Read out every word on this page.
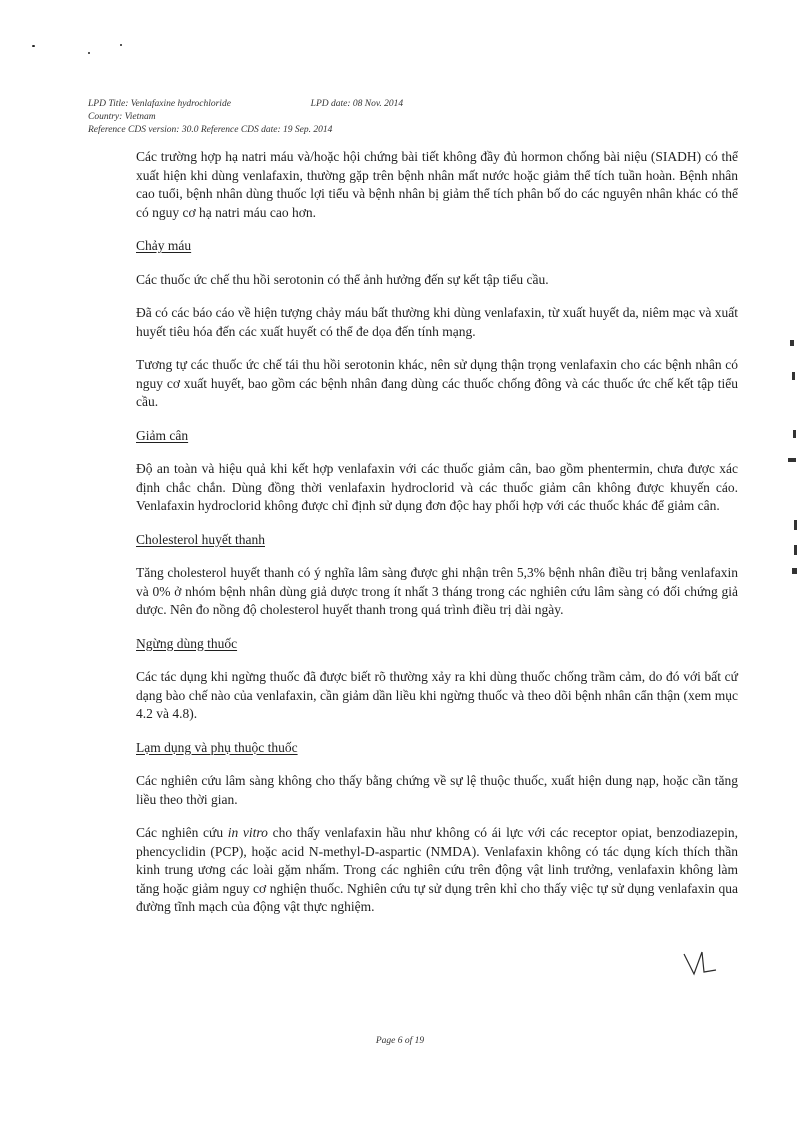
LPD Title: Venlafaxine hydrochloride	LPD date: 08 Nov. 2014
Country: Vietnam
Reference CDS version: 30.0 Reference CDS date: 19 Sep. 2014

Các trường hợp hạ natri máu và/hoặc hội chứng bài tiết không đầy đủ hormon chống bài niệu (SIADH) có thể xuất hiện khi dùng venlafaxin, thường gặp trên bệnh nhân mất nước hoặc giảm thể tích tuần hoàn. Bệnh nhân cao tuổi, bệnh nhân dùng thuốc lợi tiểu và bệnh nhân bị giảm thể tích phân bố do các nguyên nhân khác có thể có nguy cơ hạ natri máu cao hơn.

Chảy máu

Các thuốc ức chế thu hồi serotonin có thể ảnh hưởng đến sự kết tập tiểu cầu.

Đã có các báo cáo về hiện tượng chảy máu bất thường khi dùng venlafaxin, từ xuất huyết da, niêm mạc và xuất huyết tiêu hóa đến các xuất huyết có thể đe dọa đến tính mạng.

Tương tự các thuốc ức chế tái thu hồi serotonin khác, nên sử dụng thận trọng venlafaxin cho các bệnh nhân có nguy cơ xuất huyết, bao gồm các bệnh nhân đang dùng các thuốc chống đông và các thuốc ức chế kết tập tiểu cầu.

Giảm cân

Độ an toàn và hiệu quả khi kết hợp venlafaxin với các thuốc giảm cân, bao gồm phentermin, chưa được xác định chắc chắn. Dùng đồng thời venlafaxin hydroclorid và các thuốc giảm cân không được khuyến cáo. Venlafaxin hydroclorid không được chỉ định sử dụng đơn độc hay phối hợp với các thuốc khác để giảm cân.

Cholesterol huyết thanh

Tăng cholesterol huyết thanh có ý nghĩa lâm sàng được ghi nhận trên 5,3% bệnh nhân điều trị bằng venlafaxin và 0% ở nhóm bệnh nhân dùng giả dược trong ít nhất 3 tháng trong các nghiên cứu lâm sàng có đối chứng giả dược. Nên đo nồng độ cholesterol huyết thanh trong quá trình điều trị dài ngày.

Ngừng dùng thuốc

Các tác dụng khi ngừng thuốc đã được biết rõ thường xảy ra khi dùng thuốc chống trầm cảm, do đó với bất cứ dạng bào chế nào của venlafaxin, cần giảm dần liều khi ngừng thuốc và theo dõi bệnh nhân cẩn thận (xem mục 4.2 và 4.8).

Lạm dụng và phụ thuộc thuốc

Các nghiên cứu lâm sàng không cho thấy bằng chứng về sự lệ thuộc thuốc, xuất hiện dung nạp, hoặc cần tăng liều theo thời gian.

Các nghiên cứu in vitro cho thấy venlafaxin hầu như không có ái lực với các receptor opiat, benzodiazepin, phencyclidin (PCP), hoặc acid N-methyl-D-aspartic (NMDA). Venlafaxin không có tác dụng kích thích thần kinh trung ương các loài gặm nhấm. Trong các nghiên cứu trên động vật linh trưởng, venlafaxin không làm tăng hoặc giảm nguy cơ nghiện thuốc. Nghiên cứu tự sử dụng trên khỉ cho thấy việc tự sử dụng venlafaxin qua đường tĩnh mạch của động vật thực nghiệm.

Page 6 of 19
